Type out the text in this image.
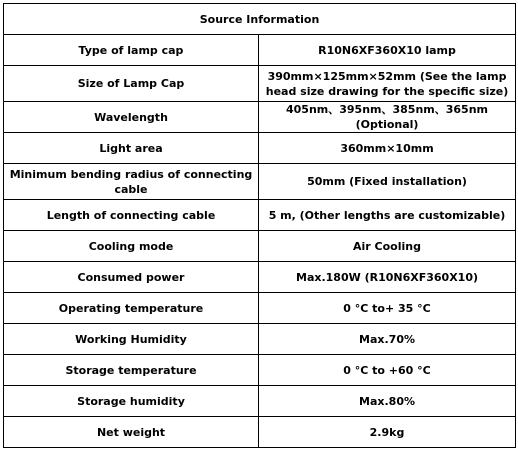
Source Information	
Type of lamp cap	R10N6XF360X10 lamp
Size of Lamp Cap	390mm×125mm×52mm (See the lamp head size drawing for the specific size)
Wavelength	405nm、395nm、385nm、365nm (Optional)
Light area	360mm×10mm
Minimum bending radius of connecting cable	50mm (Fixed installation)
Length of connecting cable	5 m, (Other lengths are customizable)
Cooling mode	Air Cooling
Consumed power	Max.180W (R10N6XF360X10)
Operating temperature	0 °C to+ 35 °C
Working Humidity	Max.70%
Storage temperature	0 °C to +60 °C
Storage humidity	Max.80%
Net weight	2.9kg
